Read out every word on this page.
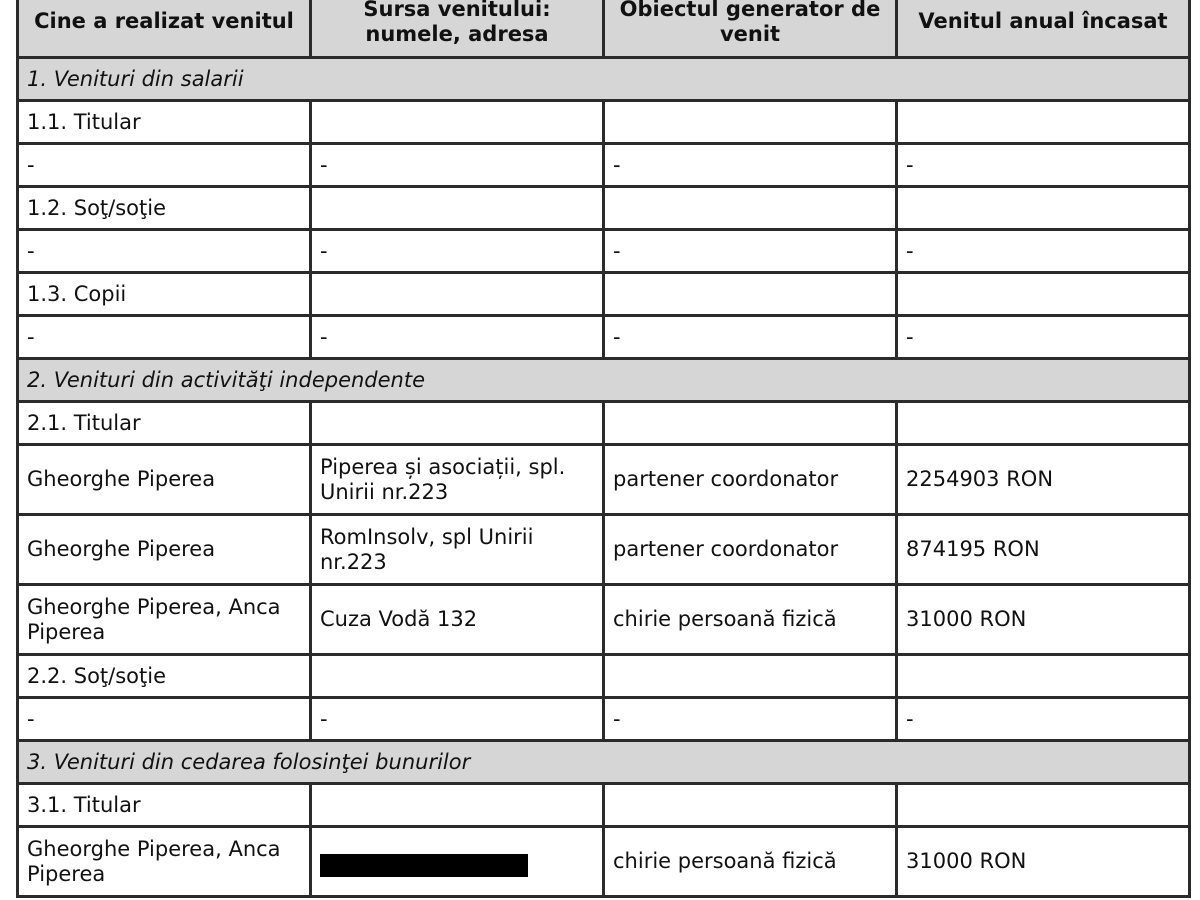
Cine a realizat venitul	Sursa venitului: numele, adresa	Obiectul generator de venit	Venitul anual încasat
1. Venituri din salarii			
1.1. Titular			
-	-	-	-
1.2. Soţ/soţie			
-	-	-	-
1.3. Copii			
-	-	-	-
2. Venituri din activităţi independente			
2.1. Titular			
Gheorghe Piperea	Piperea și asociații, spl. Unirii nr.223	partener coordonator	2254903 RON
Gheorghe Piperea	RomInsolv, spl Unirii nr.223	partener coordonator	874195 RON
Gheorghe Piperea, Anca Piperea	Cuza Vodă 132	chirie persoană fizică	31000 RON
2.2. Soţ/soţie			
-	-	-	-
3. Venituri din cedarea folosinţei bunurilor			
3.1. Titular			
Gheorghe Piperea, Anca Piperea		chirie persoană fizică	31000 RON
